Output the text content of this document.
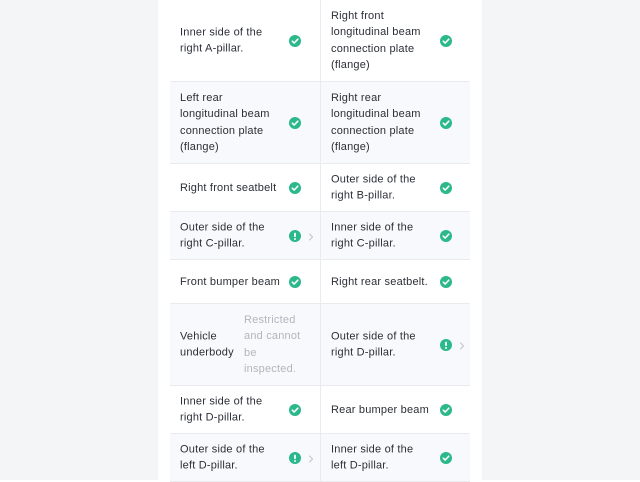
Inner side of the right A-pillar.
Right front longitudinal beam connection plate (flange)
Left rear longitudinal beam connection plate (flange)
Right rear longitudinal beam connection plate (flange)
Right front seatbelt
Outer side of the right B-pillar.
Outer side of the right C-pillar.
Inner side of the right C-pillar.
Front bumper beam	Right rear seatbelt.
Vehicle underbody
Restricted and cannot be inspected.
Outer side of the right D-pillar.
Inner side of the right D-pillar.
Rear bumper beam
Outer side of the left D-pillar.
Inner side of the left D-pillar.
